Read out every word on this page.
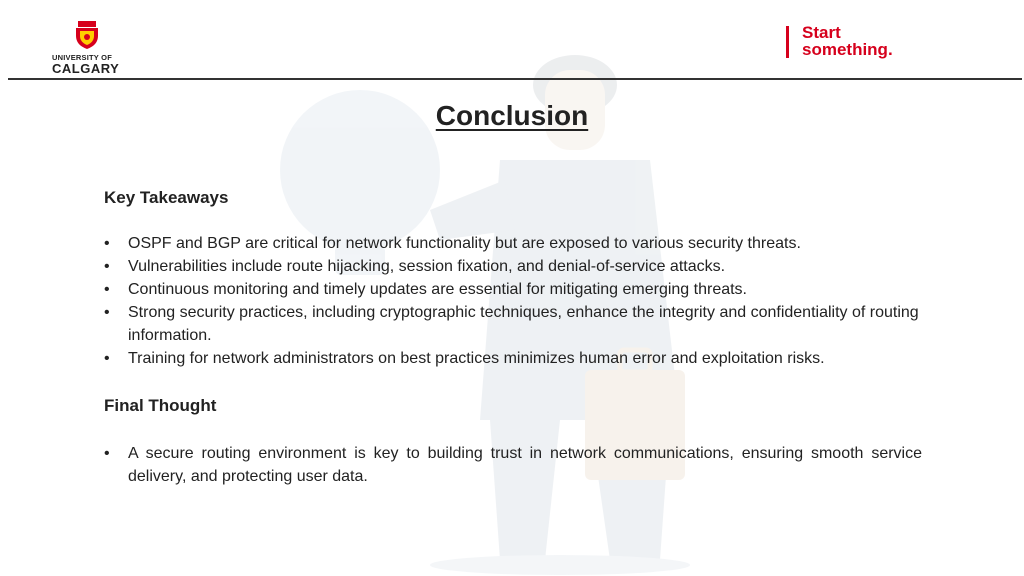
UNIVERSITY OF
CALGARY
Start
something.
Conclusion
Key Takeaways
• OSPF and BGP are critical for network functionality but are exposed to various security threats.
• Vulnerabilities include route hijacking, session fixation, and denial-of-service attacks.
• Continuous monitoring and timely updates are essential for mitigating emerging threats.
• Strong security practices, including cryptographic techniques, enhance the integrity and confidentiality of routing information.
• Training for network administrators on best practices minimizes human error and exploitation risks.
Final Thought
• A secure routing environment is key to building trust in network communications, ensuring smooth service delivery, and protecting user data.
